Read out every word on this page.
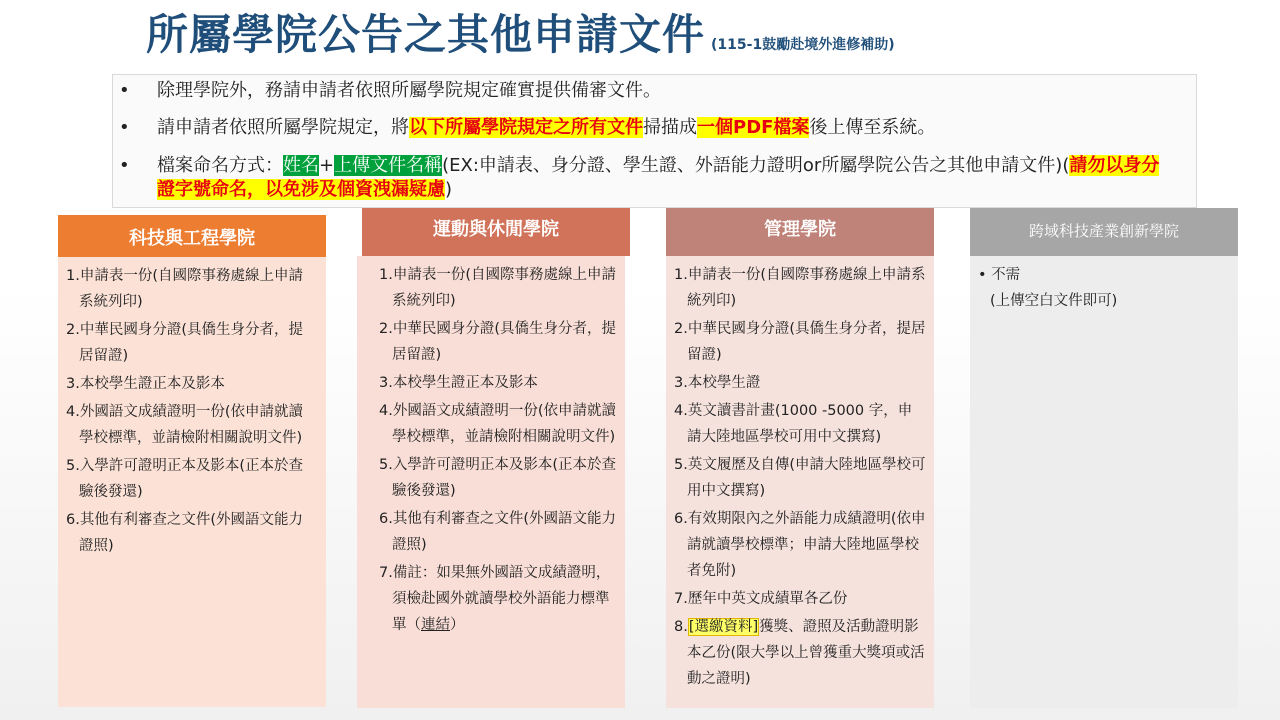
所屬學院公告之其他申請文件 (115-1鼓勵赴境外進修補助)
• 除理學院外，務請申請者依照所屬學院規定確實提供備審文件。
• 請申請者依照所屬學院規定，將以下所屬學院規定之所有文件掃描成一個PDF檔案後上傳至系統。
• 檔案命名方式：姓名+上傳文件名稱(EX:申請表、身分證、學生證、外語能力證明or所屬學院公告之其他申請文件)(請勿以身分證字號命名，以免涉及個資洩漏疑慮)
科技與工程學院
1.申請表一份(自國際事務處線上申請系統列印)
2.中華民國身分證(具僑生身分者，提居留證)
3.本校學生證正本及影本
4.外國語文成績證明一份(依申請就讀學校標準，並請檢附相關說明文件)
5.入學許可證明正本及影本(正本於查驗後發還)
6.其他有利審查之文件(外國語文能力證照)
運動與休閒學院
1.申請表一份(自國際事務處線上申請系統列印)
2.中華民國身分證(具僑生身分者，提居留證)
3.本校學生證正本及影本
4.外國語文成績證明一份(依申請就讀學校標準，並請檢附相關說明文件)
5.入學許可證明正本及影本(正本於查驗後發還)
6.其他有利審查之文件(外國語文能力證照)
7.備註：如果無外國語文成績證明，須檢赴國外就讀學校外語能力標準單（連結）
管理學院
1.申請表一份(自國際事務處線上申請系統列印)
2.中華民國身分證(具僑生身分者，提居留證)
3.本校學生證
4.英文讀書計畫(1000 -5000 字，申請大陸地區學校可用中文撰寫)
5.英文履歷及自傳(申請大陸地區學校可用中文撰寫)
6.有效期限內之外語能力成績證明(依申請就讀學校標準；申請大陸地區學校者免附)
7.歷年中英文成績單各乙份
8.[選繳資料]獲獎、證照及活動證明影本乙份(限大學以上曾獲重大獎項或活動之證明)
跨域科技產業創新學院
• 不需
(上傳空白文件即可)
